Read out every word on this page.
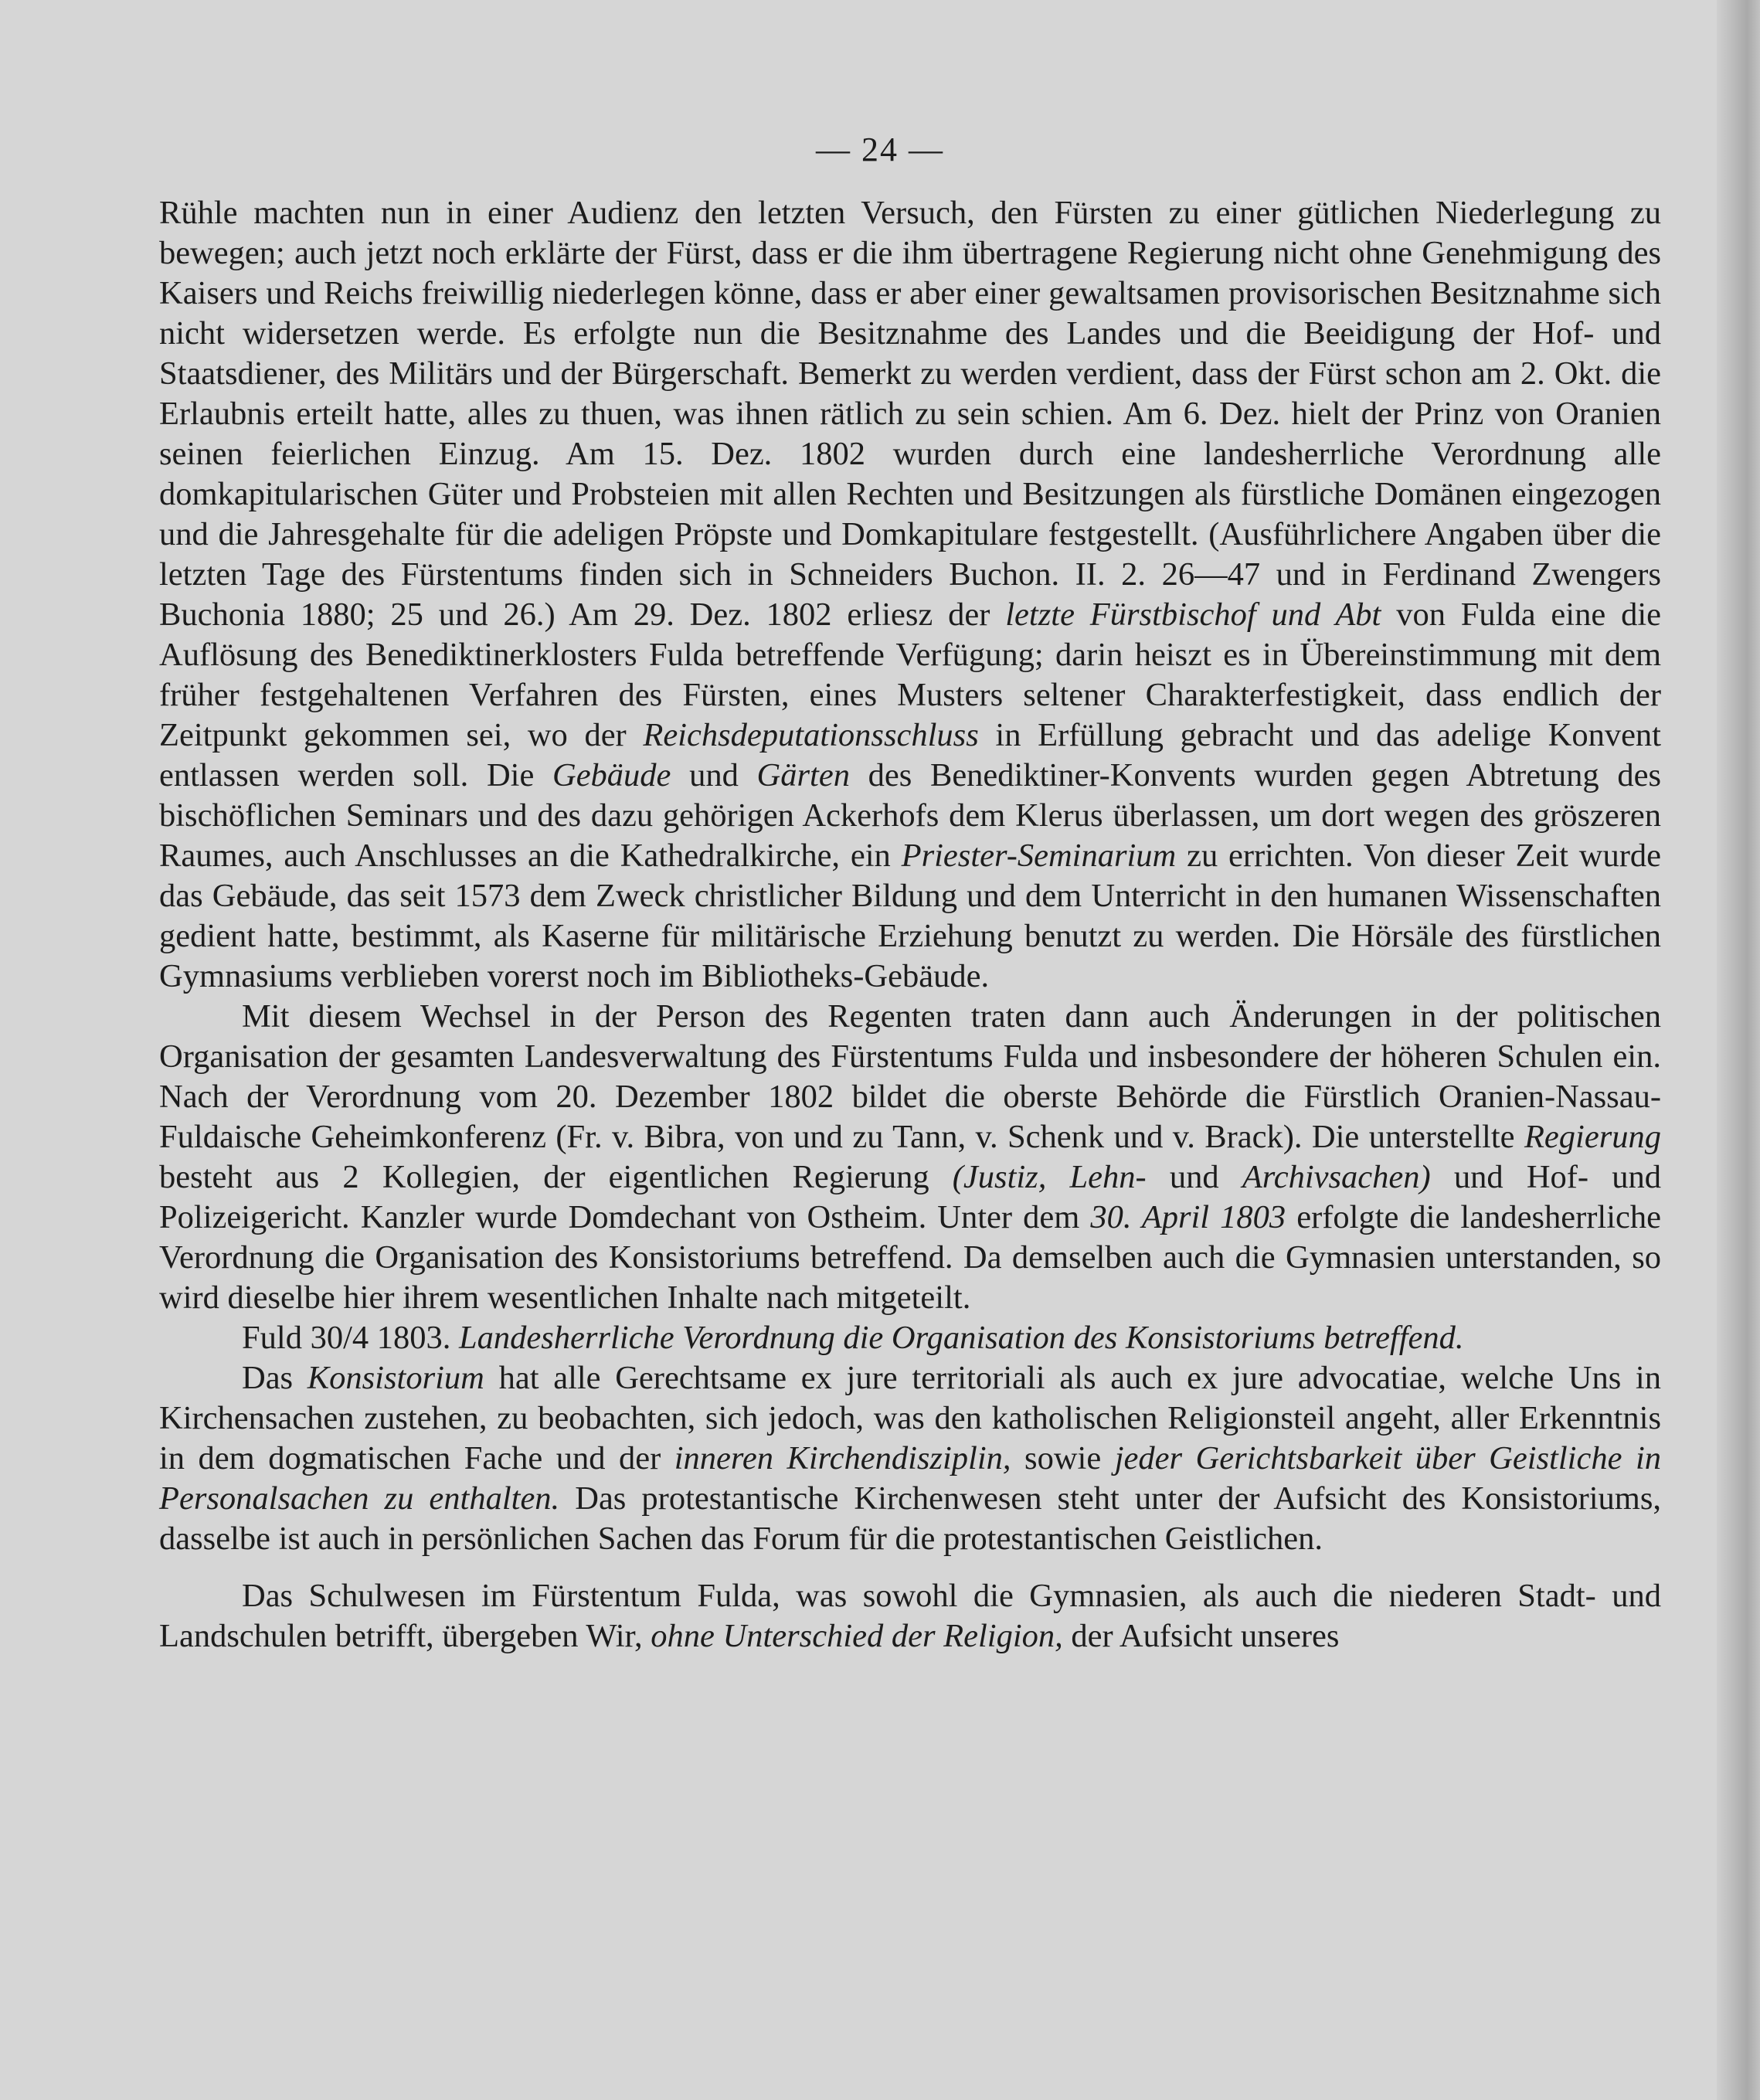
— 24 —

Rühle machten nun in einer Audienz den letzten Versuch, den Fürsten zu einer gütlichen Niederlegung zu bewegen; auch jetzt noch erklärte der Fürst, dass er die ihm übertragene Regierung nicht ohne Genehmigung des Kaisers und Reichs freiwillig niederlegen könne, dass er aber einer gewaltsamen provisorischen Besitznahme sich nicht widersetzen werde. Es erfolgte nun die Besitznahme des Landes und die Beeidigung der Hof- und Staatsdiener, des Militärs und der Bürgerschaft. Bemerkt zu werden verdient, dass der Fürst schon am 2. Okt. die Erlaubnis erteilt hatte, alles zu thuen, was ihnen rätlich zu sein schien. Am 6. Dez. hielt der Prinz von Oranien seinen feierlichen Einzug. Am 15. Dez. 1802 wurden durch eine landesherrliche Verordnung alle domkapitularischen Güter und Probsteien mit allen Rechten und Besitzungen als fürstliche Domänen eingezogen und die Jahresgehalte für die adeligen Pröpste und Domkapitulare festgestellt. (Ausführlichere Angaben über die letzten Tage des Fürstentums finden sich in Schneiders Buchon. II. 2. 26—47 und in Ferdinand Zwengers Buchonia 1880; 25 und 26.) Am 29. Dez. 1802 erliesz der letzte Fürstbischof und Abt von Fulda eine die Auflösung des Benediktinerklosters Fulda betreffende Verfügung; darin heiszt es in Übereinstimmung mit dem früher festgehaltenen Verfahren des Fürsten, eines Musters seltener Charakterfestigkeit, dass endlich der Zeitpunkt gekommen sei, wo der Reichsdeputationsschluss in Erfüllung gebracht und das adelige Konvent entlassen werden soll. Die Gebäude und Gärten des Benediktiner-Konvents wurden gegen Abtretung des bischöflichen Seminars und des dazu gehörigen Ackerhofs dem Klerus überlassen, um dort wegen des gröszeren Raumes, auch Anschlusses an die Kathedralkirche, ein Priester-Seminarium zu errichten. Von dieser Zeit wurde das Gebäude, das seit 1573 dem Zweck christlicher Bildung und dem Unterricht in den humanen Wissenschaften gedient hatte, bestimmt, als Kaserne für militärische Erziehung benutzt zu werden. Die Hörsäle des fürstlichen Gymnasiums verblieben vorerst noch im Bibliotheks-Gebäude.

Mit diesem Wechsel in der Person des Regenten traten dann auch Änderungen in der politischen Organisation der gesamten Landesverwaltung des Fürstentums Fulda und insbesondere der höheren Schulen ein. Nach der Verordnung vom 20. Dezember 1802 bildet die oberste Behörde die Fürstlich Oranien-Nassau-Fuldaische Geheimkonferenz (Fr. v. Bibra, von und zu Tann, v. Schenk und v. Brack). Die unterstellte Regierung besteht aus 2 Kollegien, der eigentlichen Regierung (Justiz, Lehn- und Archivsachen) und Hof- und Polizeigericht. Kanzler wurde Domdechant von Ostheim. Unter dem 30. April 1803 erfolgte die landesherrliche Verordnung die Organisation des Konsistoriums betreffend. Da demselben auch die Gymnasien unterstanden, so wird dieselbe hier ihrem wesentlichen Inhalte nach mitgeteilt.

Fuld 30/4 1803. Landesherrliche Verordnung die Organisation des Konsistoriums betreffend.

Das Konsistorium hat alle Gerechtsame ex jure territoriali als auch ex jure advocatiae, welche Uns in Kirchensachen zustehen, zu beobachten, sich jedoch, was den katholischen Religionsteil angeht, aller Erkenntnis in dem dogmatischen Fache und der inneren Kirchendisziplin, sowie jeder Gerichtsbarkeit über Geistliche in Personalsachen zu enthalten. Das protestantische Kirchenwesen steht unter der Aufsicht des Konsistoriums, dasselbe ist auch in persönlichen Sachen das Forum für die protestantischen Geistlichen.

Das Schulwesen im Fürstentum Fulda, was sowohl die Gymnasien, als auch die niederen Stadt- und Landschulen betrifft, übergeben Wir, ohne Unterschied der Religion, der Aufsicht unseres
